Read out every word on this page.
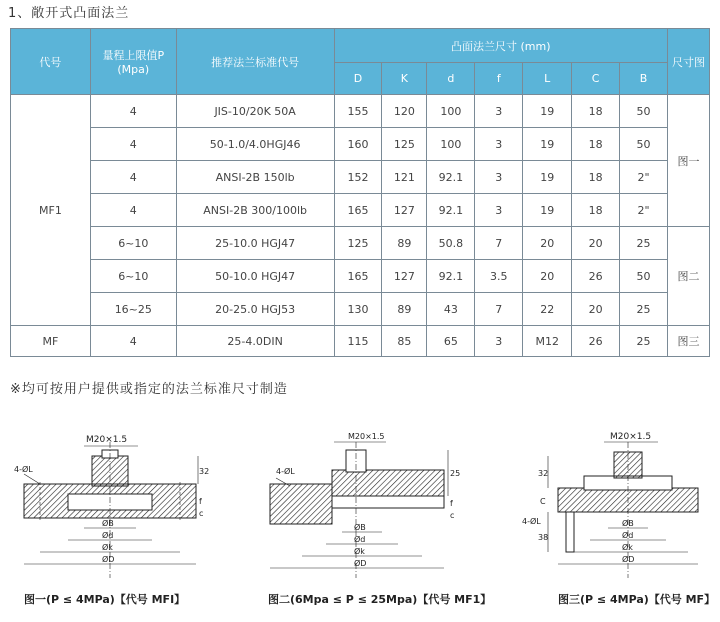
1、敞开式凸面法兰
代号	量程上限值P (Mpa)	推荐法兰标准代号	凸面法兰尺寸 (mm)							尺寸图
			D	K	d	f	L	C	B	
MF1	4	JIS-10/20K 50A	155	120	100	3	19	18	50	图一
	4	50-1.0/4.0HGJ46	160	125	100	3	19	18	50	
	4	ANSI-2B 150lb	152	121	92.1	3	19	18	2"	
	4	ANSI-2B 300/100lb	165	127	92.1	3	19	18	2"	
	6~10	25-10.0 HGJ47	125	89	50.8	7	20	20	25	图二
	6~10	50-10.0 HGJ47	165	127	92.1	3.5	20	26	50	
	16~25	20-25.0 HGJ53	130	89	43	7	22	20	25	
MF	4	25-4.0DIN	115	85	65	3	M12	26	25	图三
※均可按用户提供或指定的法兰标准尺寸制造
M20×1.5
4-ØL	32
f
c
ØB
Ød
Øk
ØD
M20×1.5
4-ØL	25
f
c
ØB
Ød
Øk
ØD
M20×1.5
32
C
4-ØL
38
ØB
Ød
Øk
ØD
图一(P ≤ 4MPa)【代号 MFI】	图二(6Mpa ≤ P ≤ 25Mpa)【代号 MF1】	图三(P ≤ 4MPa)【代号 MF】
